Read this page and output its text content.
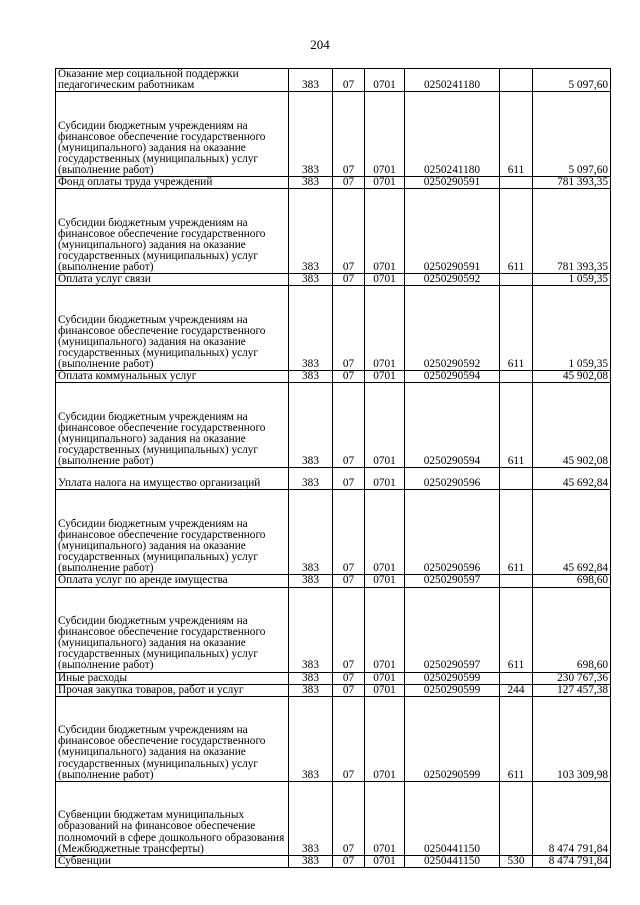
204
Оказание мер социальной поддержки педагогическим работникам	383	07	0701	0250241180		5 097,60
Субсидии бюджетным учреждениям на финансовое обеспечение государственного (муниципального) задания на оказание государственных (муниципальных) услуг (выполнение работ)	383	07	0701	0250241180	611	5 097,60
Фонд оплаты труда учреждений	383	07	0701	0250290591		781 393,35
Субсидии бюджетным учреждениям на финансовое обеспечение государственного (муниципального) задания на оказание государственных (муниципальных) услуг (выполнение работ)	383	07	0701	0250290591	611	781 393,35
Оплата услуг связи	383	07	0701	0250290592		1 059,35
Субсидии бюджетным учреждениям на финансовое обеспечение государственного (муниципального) задания на оказание государственных (муниципальных) услуг (выполнение работ)	383	07	0701	0250290592	611	1 059,35
Оплата коммунальных услуг	383	07	0701	0250290594		45 902,08
Субсидии бюджетным учреждениям на финансовое обеспечение государственного (муниципального) задания на оказание государственных (муниципальных) услуг (выполнение работ)	383	07	0701	0250290594	611	45 902,08
Уплата налога на имущество организаций	383	07	0701	0250290596		45 692,84
Субсидии бюджетным учреждениям на финансовое обеспечение государственного (муниципального) задания на оказание государственных (муниципальных) услуг (выполнение работ)	383	07	0701	0250290596	611	45 692,84
Оплата услуг по аренде имущества	383	07	0701	0250290597		698,60
Субсидии бюджетным учреждениям на финансовое обеспечение государственного (муниципального) задания на оказание государственных (муниципальных) услуг (выполнение работ)	383	07	0701	0250290597	611	698,60
Иные расходы	383	07	0701	0250290599		230 767,36
Прочая закупка товаров, работ и услуг	383	07	0701	0250290599	244	127 457,38
Субсидии бюджетным учреждениям на финансовое обеспечение государственного (муниципального) задания на оказание государственных (муниципальных) услуг (выполнение работ)	383	07	0701	0250290599	611	103 309,98
Субвенции бюджетам муниципальных образований на финансовое обеспечение полномочий в сфере дошкольного образования (Межбюджетные трансферты)	383	07	0701	0250441150		8 474 791,84
Субвенции	383	07	0701	0250441150	530	8 474 791,84
